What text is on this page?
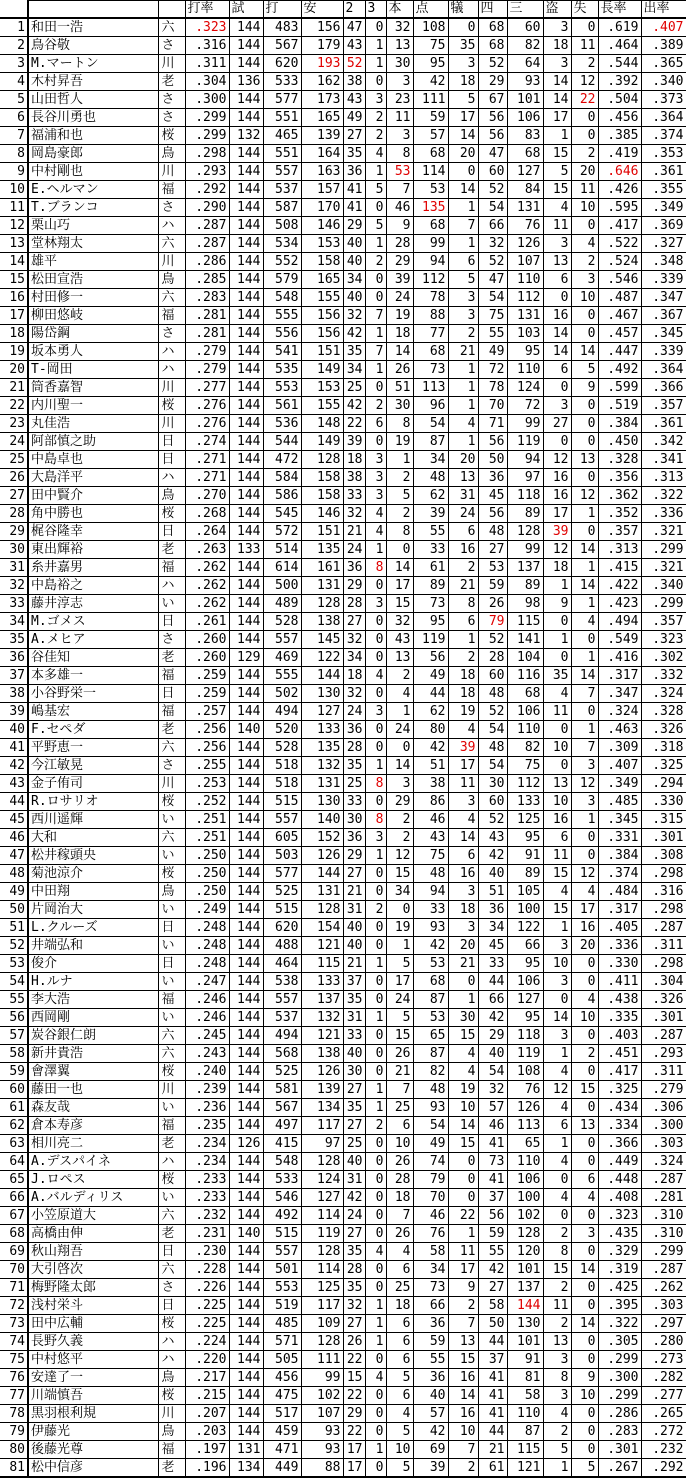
			打率	試	打	安	2	3	本	点	犠	四	三	盗	失	長率	出率
1	和田一浩	六	.323	144	483	156	47	0	32	108	0	68	60	3	0	.619	.407
2	鳥谷敬	さ	.316	144	567	179	43	1	13	75	35	68	82	18	11	.464	.389
3	M.マートン	川	.311	144	620	193	52	1	30	95	3	52	64	3	2	.544	.365
4	木村昇吾	老	.304	136	533	162	38	0	3	42	18	29	93	14	12	.392	.340
5	山田哲人	さ	.300	144	577	173	43	3	23	111	5	67	101	14	22	.504	.373
6	長谷川勇也	さ	.299	144	551	165	49	2	11	59	17	56	106	17	0	.456	.364
7	福浦和也	桜	.299	132	465	139	27	2	3	57	14	56	83	1	0	.385	.374
8	岡島豪郎	鳥	.298	144	551	164	35	4	8	68	20	47	68	15	2	.419	.353
9	中村剛也	川	.293	144	557	163	36	1	53	114	0	60	127	5	20	.646	.361
10	E.ヘルマン	福	.292	144	537	157	41	5	7	53	14	52	84	15	11	.426	.355
11	T.ブランコ	さ	.290	144	587	170	41	0	46	135	1	54	131	4	10	.595	.349
12	栗山巧	ハ	.287	144	508	146	29	5	9	68	7	66	76	11	0	.417	.369
13	堂林翔太	六	.287	144	534	153	40	1	28	99	1	32	126	3	4	.522	.327
14	雄平	川	.286	144	552	158	40	2	29	94	6	52	107	13	2	.524	.348
15	松田宣浩	鳥	.285	144	579	165	34	0	39	112	5	47	110	6	3	.546	.339
16	村田修一	六	.283	144	548	155	40	0	24	78	3	54	112	0	10	.487	.347
17	柳田悠岐	福	.281	144	555	156	32	7	19	88	3	75	131	16	0	.467	.367
18	陽岱鋼	さ	.281	144	556	156	42	1	18	77	2	55	103	14	0	.457	.345
19	坂本勇人	ハ	.279	144	541	151	35	7	14	68	21	49	95	14	14	.447	.339
20	T-岡田	ハ	.279	144	535	149	34	1	26	73	1	72	110	6	5	.492	.364
21	筒香嘉智	川	.277	144	553	153	25	0	51	113	1	78	124	0	9	.599	.366
22	内川聖一	桜	.276	144	561	155	42	2	30	96	1	70	72	3	0	.519	.357
23	丸佳浩	川	.276	144	536	148	22	6	8	54	4	71	99	27	0	.384	.361
24	阿部慎之助	日	.274	144	544	149	39	0	19	87	1	56	119	0	0	.450	.342
25	中島卓也	日	.271	144	472	128	18	3	1	34	20	50	94	12	13	.328	.341
26	大島洋平	ハ	.271	144	584	158	38	3	2	48	13	36	97	16	0	.356	.313
27	田中賢介	鳥	.270	144	586	158	33	3	5	62	31	45	118	16	12	.362	.322
28	角中勝也	桜	.268	144	545	146	32	4	2	39	24	56	89	17	1	.352	.336
29	梶谷隆幸	日	.264	144	572	151	21	4	8	55	6	48	128	39	0	.357	.321
30	東出輝裕	老	.263	133	514	135	24	1	0	33	16	27	99	12	14	.313	.299
31	糸井嘉男	福	.262	144	614	161	36	8	14	61	2	53	137	18	1	.415	.321
32	中島裕之	ハ	.262	144	500	131	29	0	17	89	21	59	89	1	14	.422	.340
33	藤井淳志	い	.262	144	489	128	28	3	15	73	8	26	98	9	1	.423	.299
34	M.ゴメス	日	.261	144	528	138	27	0	32	95	6	79	115	0	4	.494	.357
35	A.メヒア	さ	.260	144	557	145	32	0	43	119	1	52	141	1	0	.549	.323
36	谷佳知	老	.260	129	469	122	34	0	13	56	2	28	104	0	1	.416	.302
37	本多雄一	福	.259	144	555	144	18	4	2	49	18	60	116	35	14	.317	.332
38	小谷野栄一	日	.259	144	502	130	32	0	4	44	18	48	68	4	7	.347	.324
39	嶋基宏	福	.257	144	494	127	24	3	1	62	19	52	106	11	0	.324	.328
40	F.セペダ	老	.256	140	520	133	36	0	24	80	4	54	110	0	1	.463	.326
41	平野恵一	六	.256	144	528	135	28	0	0	42	39	48	82	10	7	.309	.318
42	今江敏晃	さ	.255	144	518	132	35	1	14	51	17	54	75	0	3	.407	.325
43	金子侑司	川	.253	144	518	131	25	8	3	38	11	30	112	13	12	.349	.294
44	R.ロサリオ	桜	.252	144	515	130	33	0	29	86	3	60	133	10	3	.485	.330
45	西川遥輝	い	.251	144	557	140	30	8	2	46	4	52	125	16	1	.345	.315
46	大和	六	.251	144	605	152	36	3	2	43	14	43	95	6	0	.331	.301
47	松井稼頭央	い	.250	144	503	126	29	1	12	75	6	42	91	11	0	.384	.308
48	菊池涼介	桜	.250	144	577	144	27	0	15	48	16	40	89	15	12	.374	.298
49	中田翔	鳥	.250	144	525	131	21	0	34	94	3	51	105	4	4	.484	.316
50	片岡治大	い	.249	144	515	128	31	2	0	33	18	36	100	15	17	.317	.298
51	L.クルーズ	日	.248	144	620	154	40	0	19	93	3	34	122	1	16	.405	.287
52	井端弘和	い	.248	144	488	121	40	0	1	42	20	45	66	3	20	.336	.311
53	俊介	日	.248	144	464	115	21	1	5	53	21	33	95	10	0	.330	.298
54	H.ルナ	い	.247	144	538	133	37	0	17	68	0	44	106	3	0	.411	.304
55	李大浩	福	.246	144	557	137	35	0	24	87	1	66	127	0	4	.438	.326
56	西岡剛	い	.246	144	537	132	31	1	5	53	30	42	95	14	10	.335	.301
57	炭谷銀仁朗	六	.245	144	494	121	33	0	15	65	15	29	118	3	0	.403	.287
58	新井貴浩	六	.243	144	568	138	40	0	26	87	4	40	119	1	2	.451	.293
59	會澤翼	桜	.240	144	525	126	30	0	21	82	4	54	108	4	0	.417	.311
60	藤田一也	川	.239	144	581	139	27	1	7	48	19	32	76	12	15	.325	.279
61	森友哉	い	.236	144	567	134	35	1	25	93	10	57	126	4	0	.434	.306
62	倉本寿彦	福	.235	144	497	117	27	2	6	54	14	46	113	6	13	.334	.300
63	相川亮二	老	.234	126	415	97	25	0	10	49	15	41	65	1	0	.366	.303
64	A.デスパイネ	ハ	.234	144	548	128	40	0	26	74	0	73	110	4	0	.449	.324
65	J.ロペス	桜	.233	144	533	124	31	0	28	79	0	41	106	0	6	.448	.287
66	A.バルディリス	い	.233	144	546	127	42	0	18	70	0	37	100	4	4	.408	.281
67	小笠原道大	六	.232	144	492	114	24	0	7	46	22	56	102	0	0	.323	.310
68	高橋由伸	老	.231	140	515	119	27	0	26	76	1	59	128	2	3	.435	.310
69	秋山翔吾	日	.230	144	557	128	35	4	4	58	11	55	120	8	0	.329	.299
70	大引啓次	六	.228	144	501	114	28	0	6	34	17	42	101	15	14	.319	.287
71	梅野隆太郎	さ	.226	144	553	125	35	0	25	73	9	27	137	2	0	.425	.262
72	浅村栄斗	日	.225	144	519	117	32	1	18	66	2	58	144	11	0	.395	.303
73	田中広輔	桜	.225	144	485	109	27	1	6	36	7	50	130	2	14	.322	.297
74	長野久義	ハ	.224	144	571	128	26	1	6	59	13	44	101	13	0	.305	.280
75	中村悠平	ハ	.220	144	505	111	22	0	6	55	15	37	91	3	0	.299	.273
76	安達了一	鳥	.217	144	456	99	15	4	5	36	16	41	81	8	9	.300	.282
77	川端慎吾	桜	.215	144	475	102	22	0	6	40	14	41	58	3	10	.299	.277
78	黒羽根利規	川	.207	144	517	107	29	0	4	57	16	41	110	4	0	.286	.265
79	伊藤光	鳥	.203	144	459	93	22	0	5	42	10	44	87	2	0	.283	.272
80	後藤光尊	福	.197	131	471	93	17	1	10	69	7	21	115	5	0	.301	.232
81	松中信彦	老	.196	134	449	88	17	0	5	39	2	61	121	1	5	.267	.292
